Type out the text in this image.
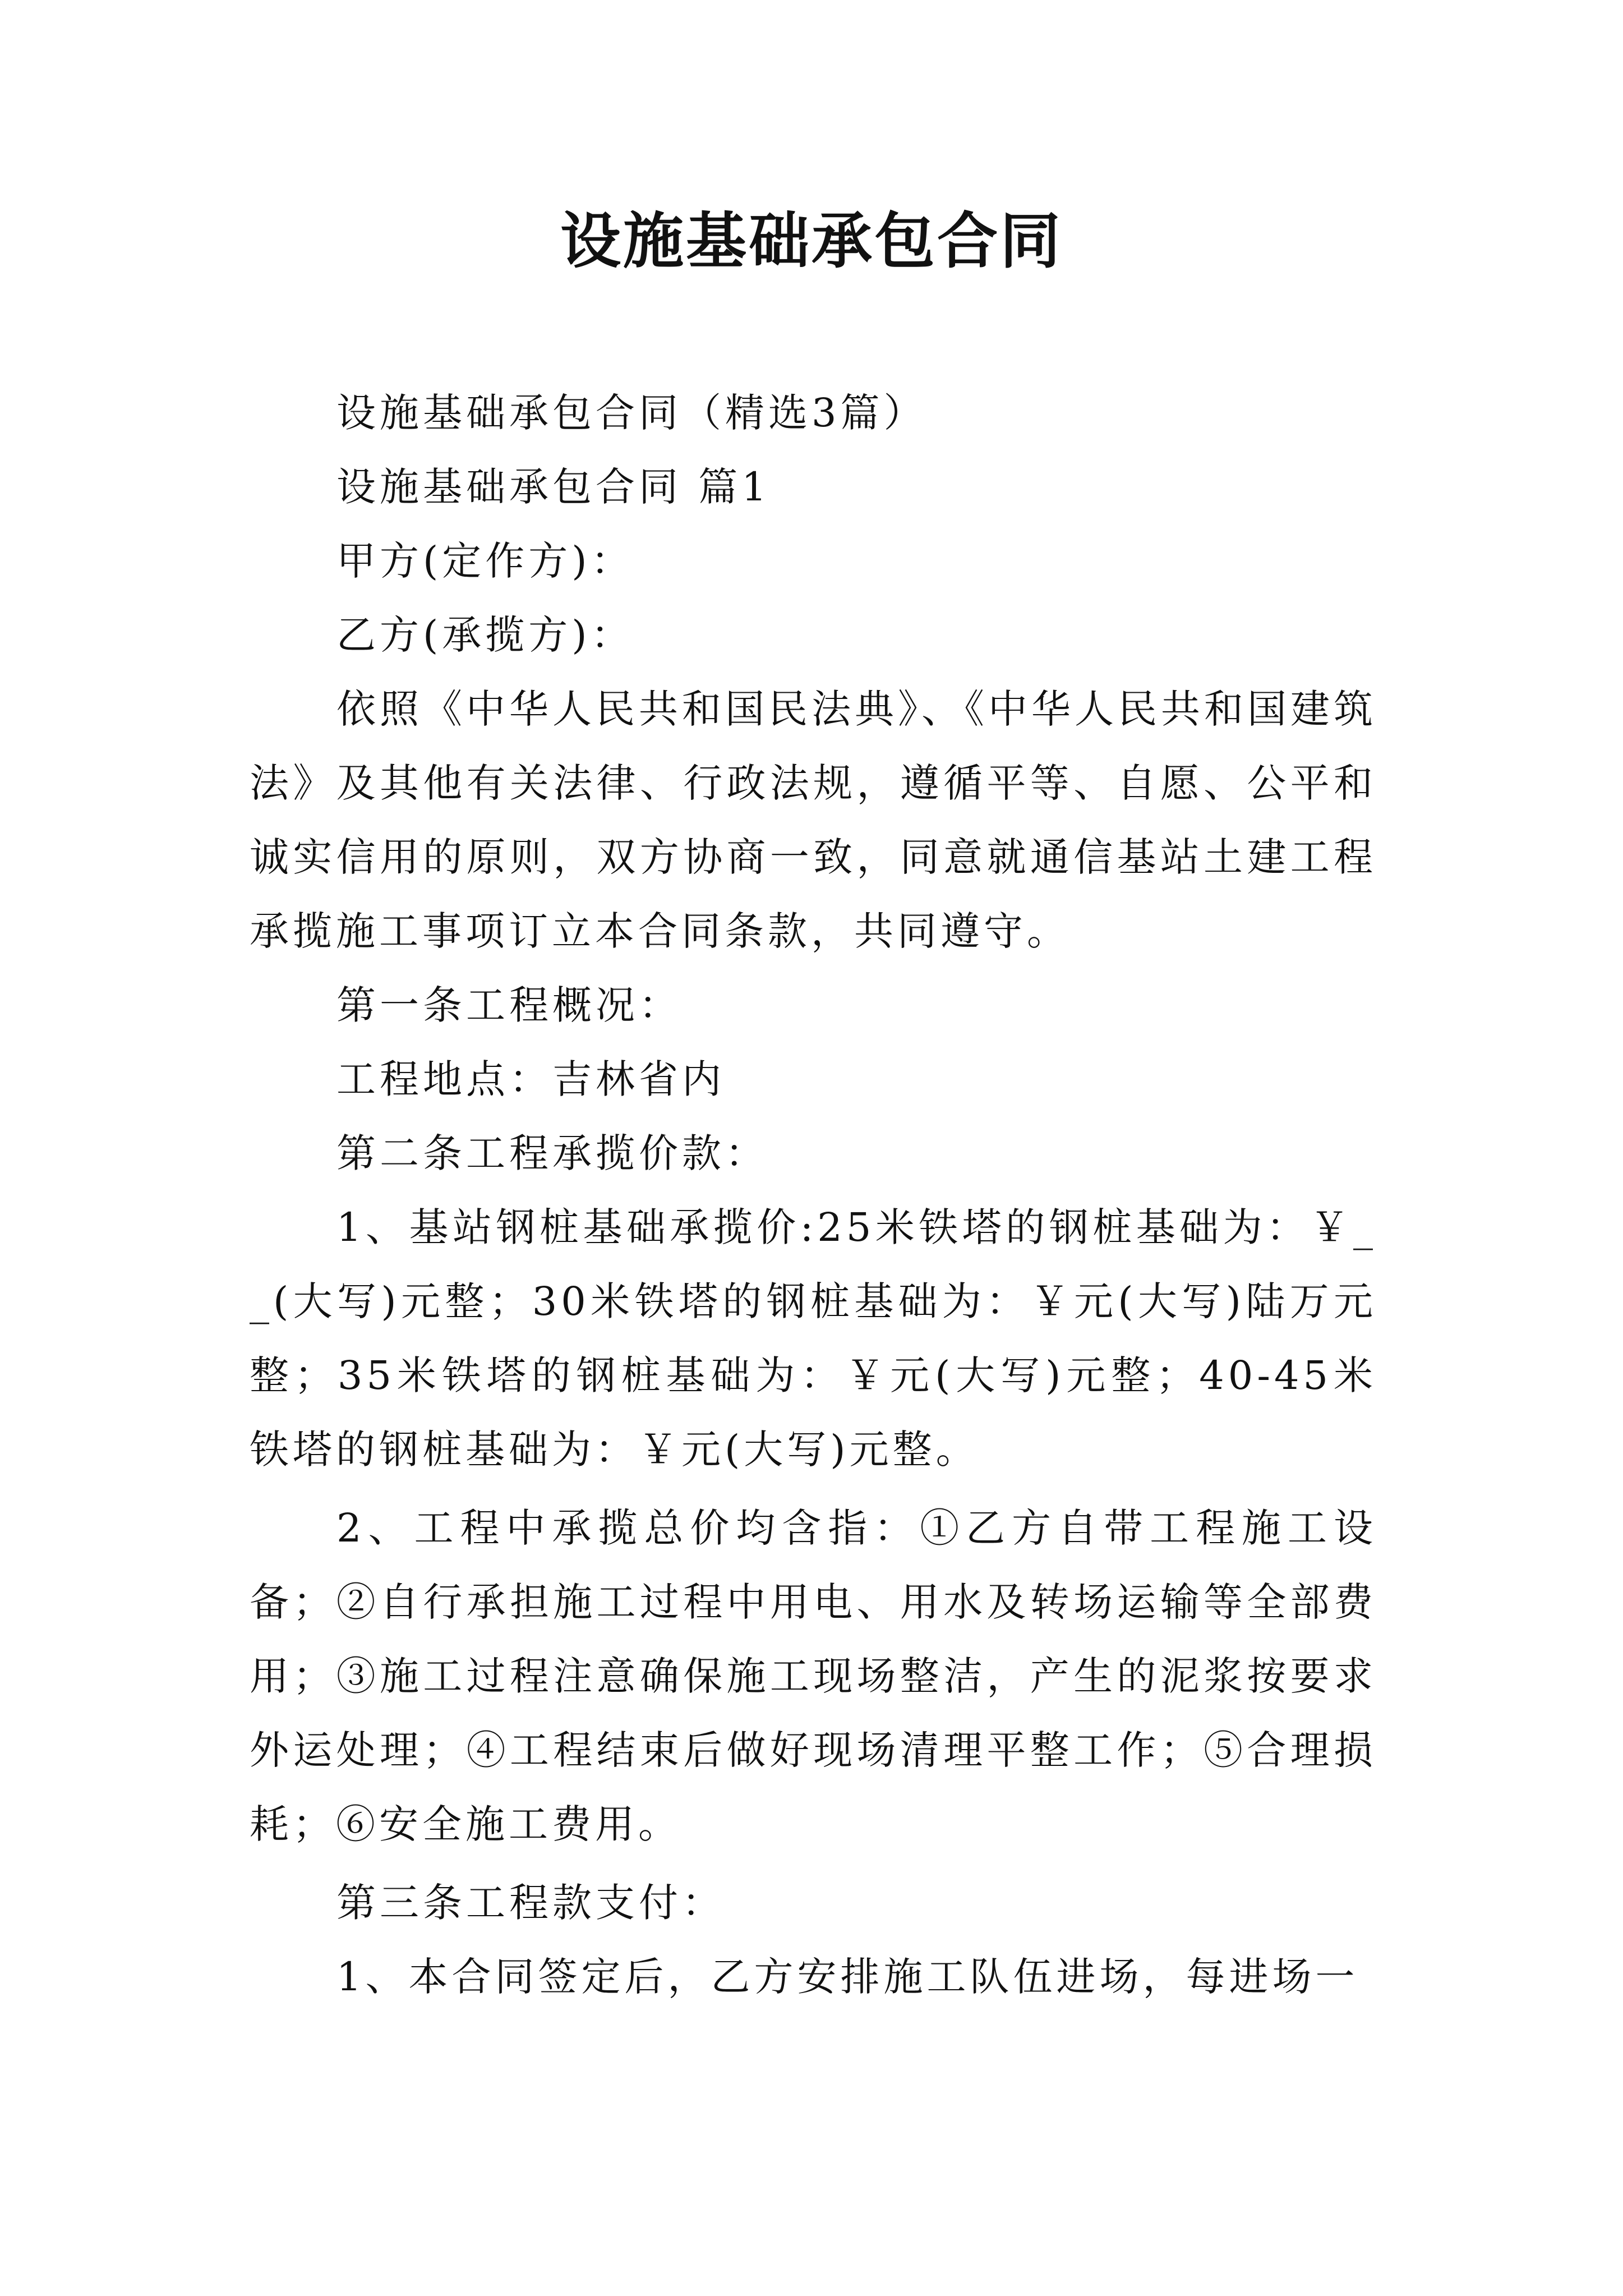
设施基础承包合同

设施基础承包合同（精选3篇）

设施基础承包合同 篇1

甲方(定作方)：

乙方(承揽方)：

依照《中华人民共和国民法典》、《中华人民共和国建筑法》及其他有关法律、行政法规，遵循平等、自愿、公平和诚实信用的原则，双方协商一致，同意就通信基站土建工程承揽施工事项订立本合同条款，共同遵守。

第一条工程概况：

工程地点：吉林省内

第二条工程承揽价款：

1、基站钢桩基础承揽价:25米铁塔的钢桩基础为：￥__(大写)元整；30米铁塔的钢桩基础为：￥元(大写)陆万元整；35米铁塔的钢桩基础为：￥元(大写)元整；40-45米铁塔的钢桩基础为：￥元(大写)元整。

2、工程中承揽总价均含指：①乙方自带工程施工设备；②自行承担施工过程中用电、用水及转场运输等全部费用；③施工过程注意确保施工现场整洁，产生的泥浆按要求外运处理；④工程结束后做好现场清理平整工作；⑤合理损耗；⑥安全施工费用。

第三条工程款支付：

1、本合同签定后，乙方安排施工队伍进场，每进场一
